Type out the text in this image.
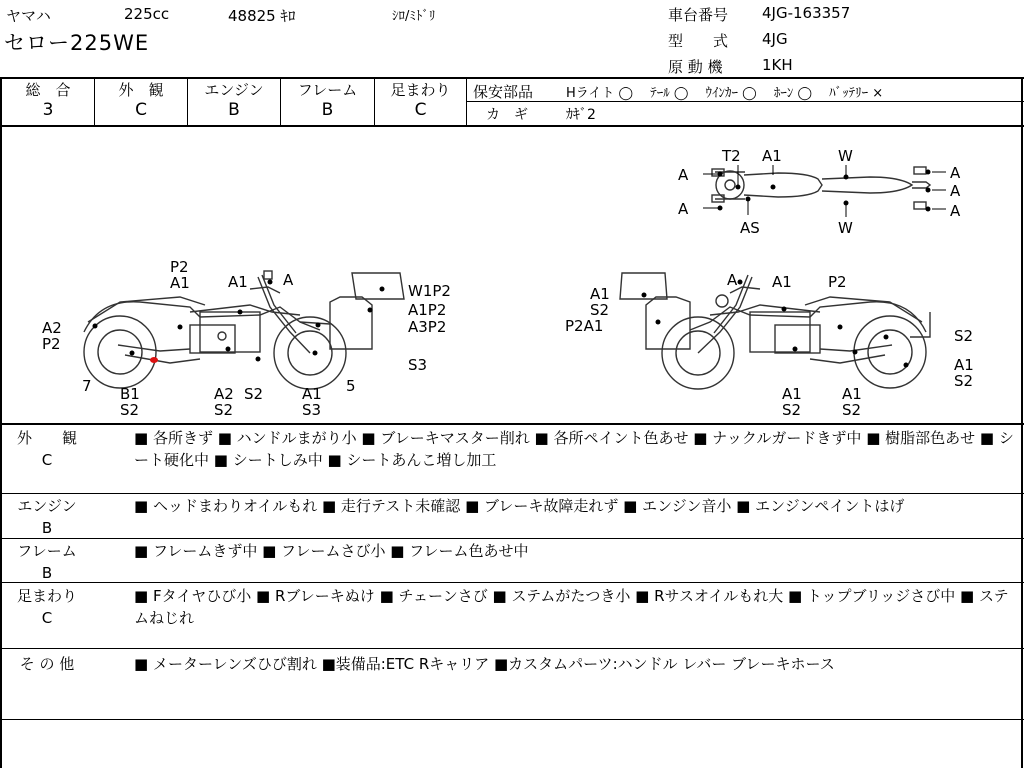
ヤマハ	225cc	48825 ｷﾛ	ｼﾛ/ﾐﾄﾞﾘ
セロー225WE
車台番号 4JG-163357
型　　式 4JG
原 動 機	1KH
総　合
3
外　観
C
エンジン
B
フレーム
B
足まわり
C
保安部品	Hライト ◯　 ﾃｰﾙ ◯　 ｳｲﾝｶｰ ◯　 ﾎｰﾝ ◯　 ﾊﾞｯﾃﾘｰ ×
カ　ギ	ｶｷﾞ2
T2 A1	W
A
A
A
A
A
AS	W
P2
A1	A1 A
W1P2
A1P2
A3P2
S3
A2
P2
7 B1
S2
A2
S2
S2	A1
S3
5
A1
S2
P2A1
A A1 P2
S2
A1
S2
A1
S2
A1
S2
外　　観
C
■ 各所きず ■ ハンドルまがり小 ■ ブレーキマスター削れ ■ 各所ペイント色あせ ■ ナックルガードきず中 ■ 樹脂部色あせ ■ シート硬化中 ■ シートしみ中 ■ シートあんこ増し加工
エンジン
B
■ ヘッドまわりオイルもれ ■ 走行テスト未確認 ■ ブレーキ故障走れず ■ エンジン音小 ■ エンジンペイントはげ
フレーム
B
■ フレームきず中 ■ フレームさび小 ■ フレーム色あせ中
足まわり
C
■ Fタイヤひび小 ■ Rブレーキぬけ ■ チェーンさび ■ ステムがたつき小 ■ Rサスオイルもれ大 ■ トップブリッジさび中 ■ ステムねじれ
そ の 他	■ メーターレンズひび割れ ■装備品:ETC Rキャリア ■カスタムパーツ:ハンドル レバー ブレーキホース
